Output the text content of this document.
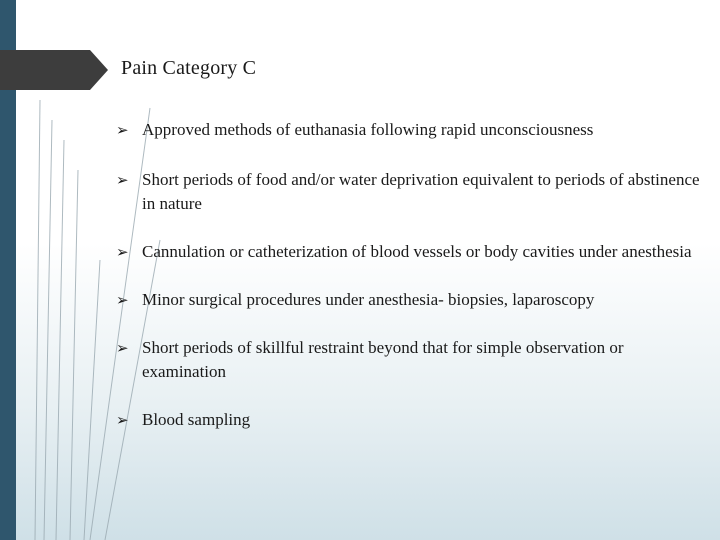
Pain Category C
➢ Approved methods of euthanasia following rapid unconsciousness
➢ Short periods of food and/or water deprivation equivalent to periods of abstinence in nature
➢ Cannulation or catheterization of blood vessels or body cavities under anesthesia
➢ Minor surgical procedures under anesthesia- biopsies, laparoscopy
➢ Short periods of skillful restraint beyond that for simple observation or examination
➢ Blood sampling
